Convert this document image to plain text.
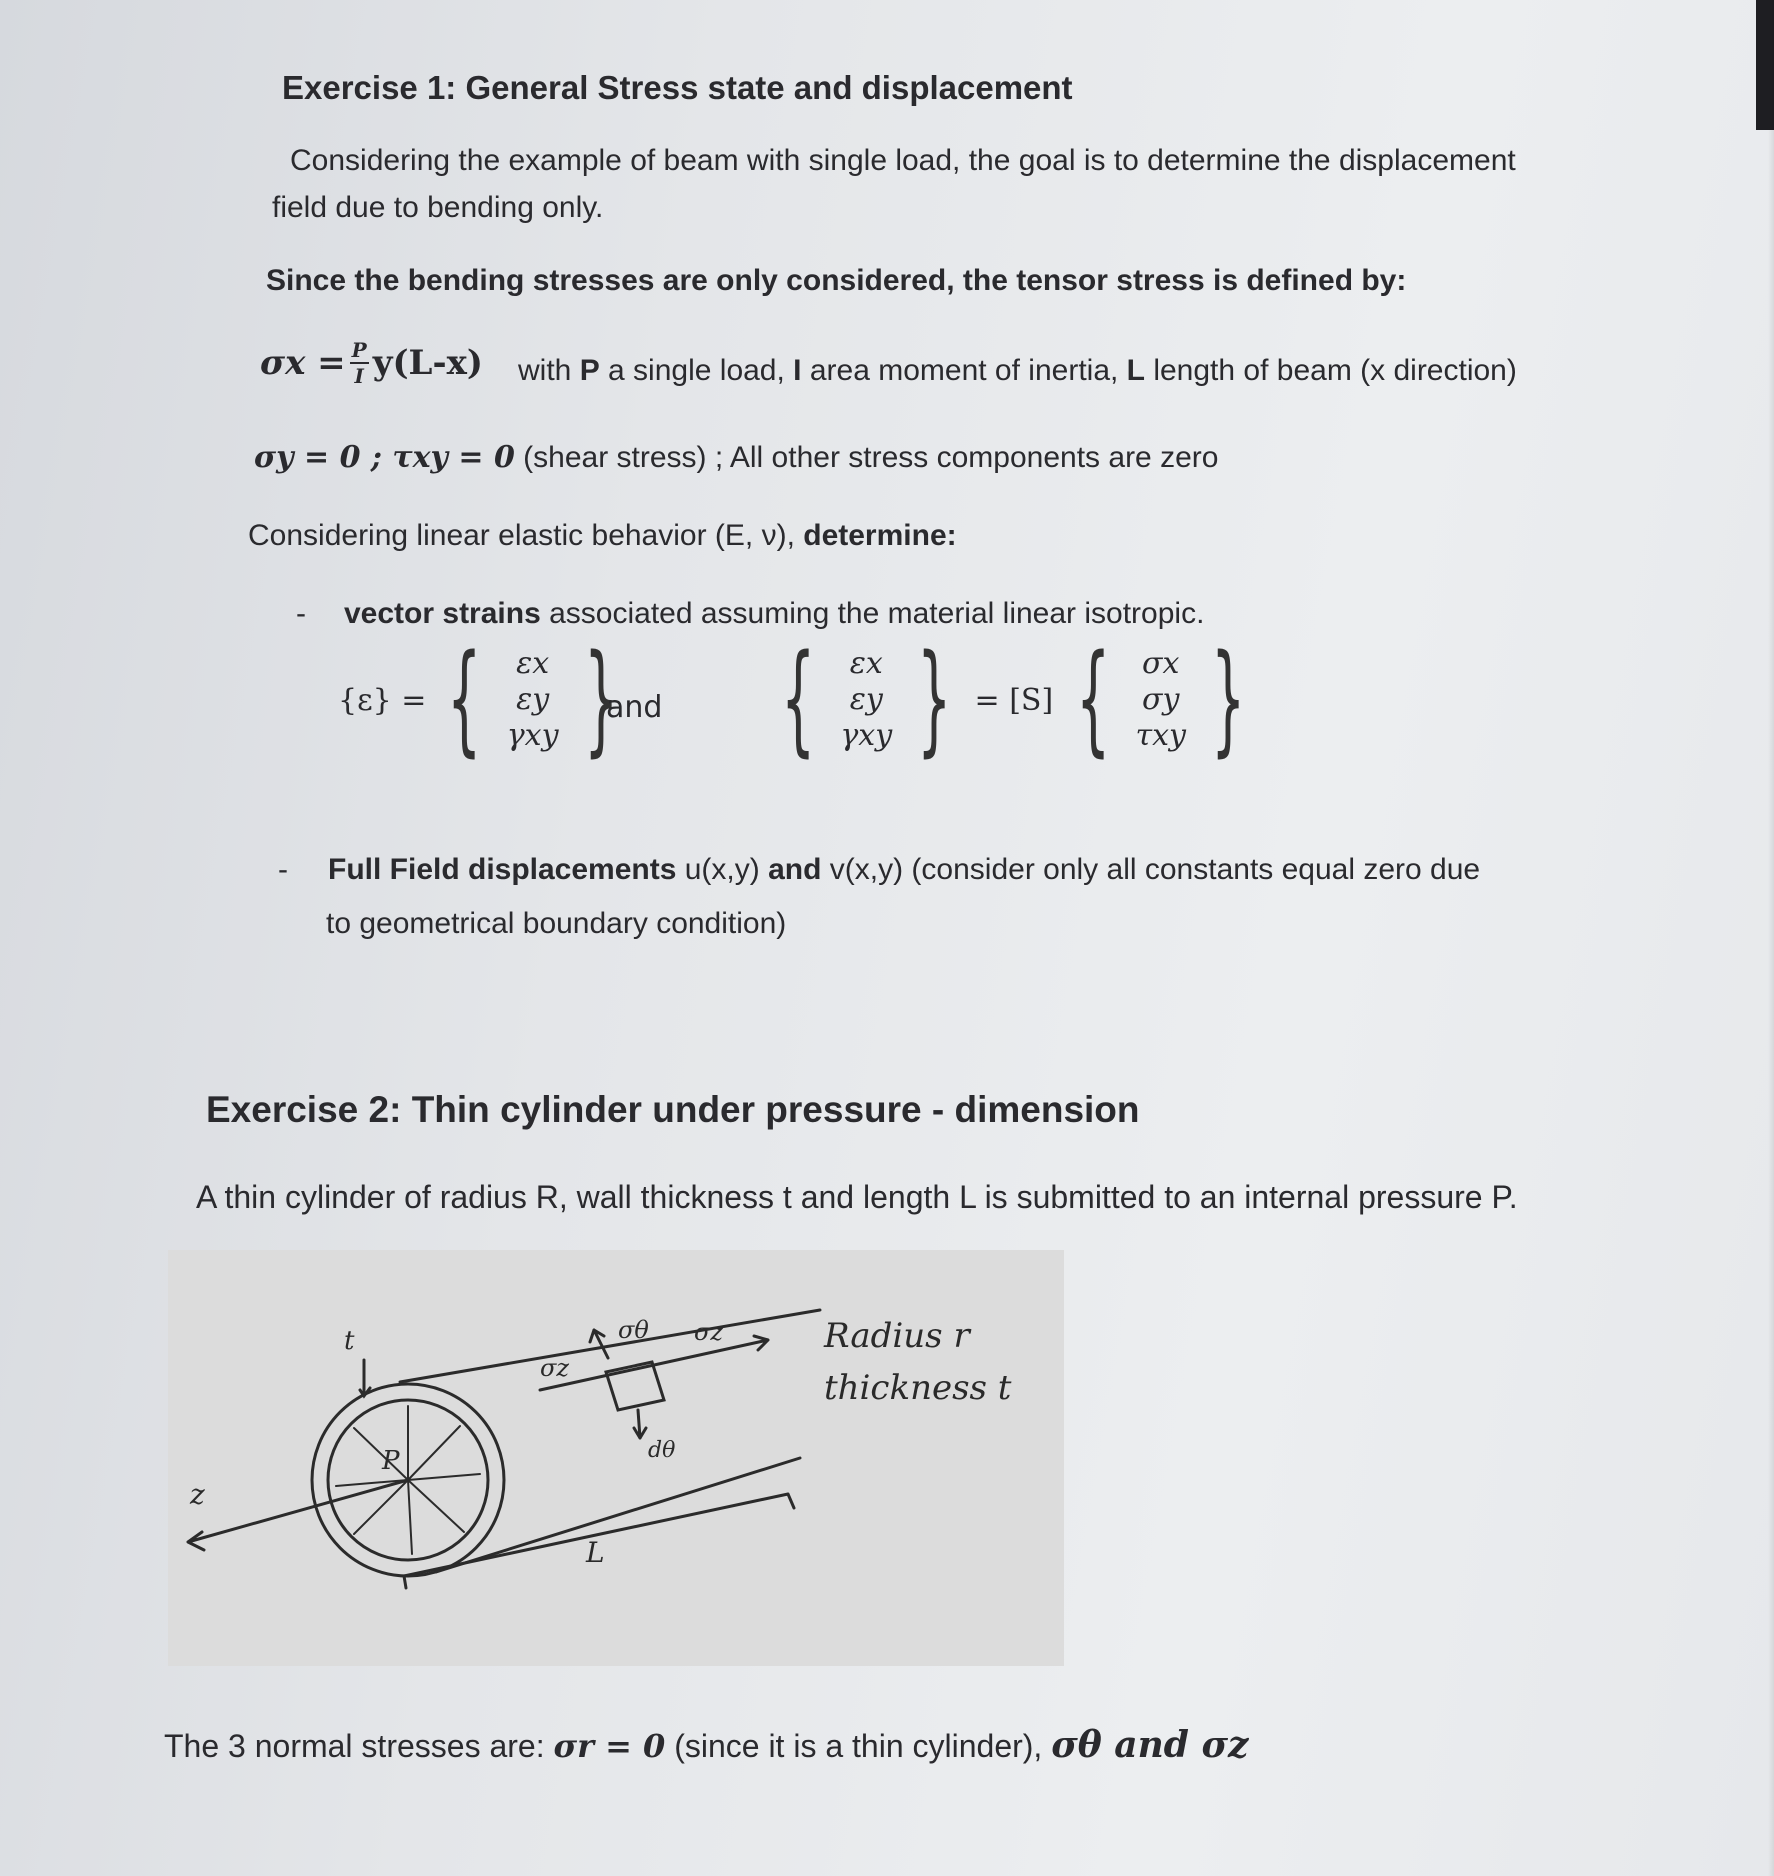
Exercise 1: General Stress state and displacement
Considering the example of beam with single load, the goal is to determine the displacement
field due to bending only.
Since the bending stresses are only considered, the tensor stress is defined by:
$\sigma x = \frac{P}{I} y(L-x)$ with P a single load, I area moment of inertia, L length of beam (x direction)
σy = 0 ; τxy = 0 (shear stress) ; All other stress components are zero
Considering linear elastic behavior (E, ν), determine:
- vector strains associated assuming the material linear isotropic.
{ε} = { εx
εy
γxy }
and { εx
εy
γxy } = [S] { σx
σy
τxy }
- Full Field displacements u(x,y) and v(x,y) (consider only all constants equal zero due
to geometrical boundary condition)
Exercise 2: Thin cylinder under pressure - dimension
A thin cylinder of radius R, wall thickness t and length L is submitted to an internal pressure P.
Radius r
thickness t
t
z
L
P
σθ σz
σz
dθ
The 3 normal stresses are: σr = 0 (since it is a thin cylinder), σθ and σz
